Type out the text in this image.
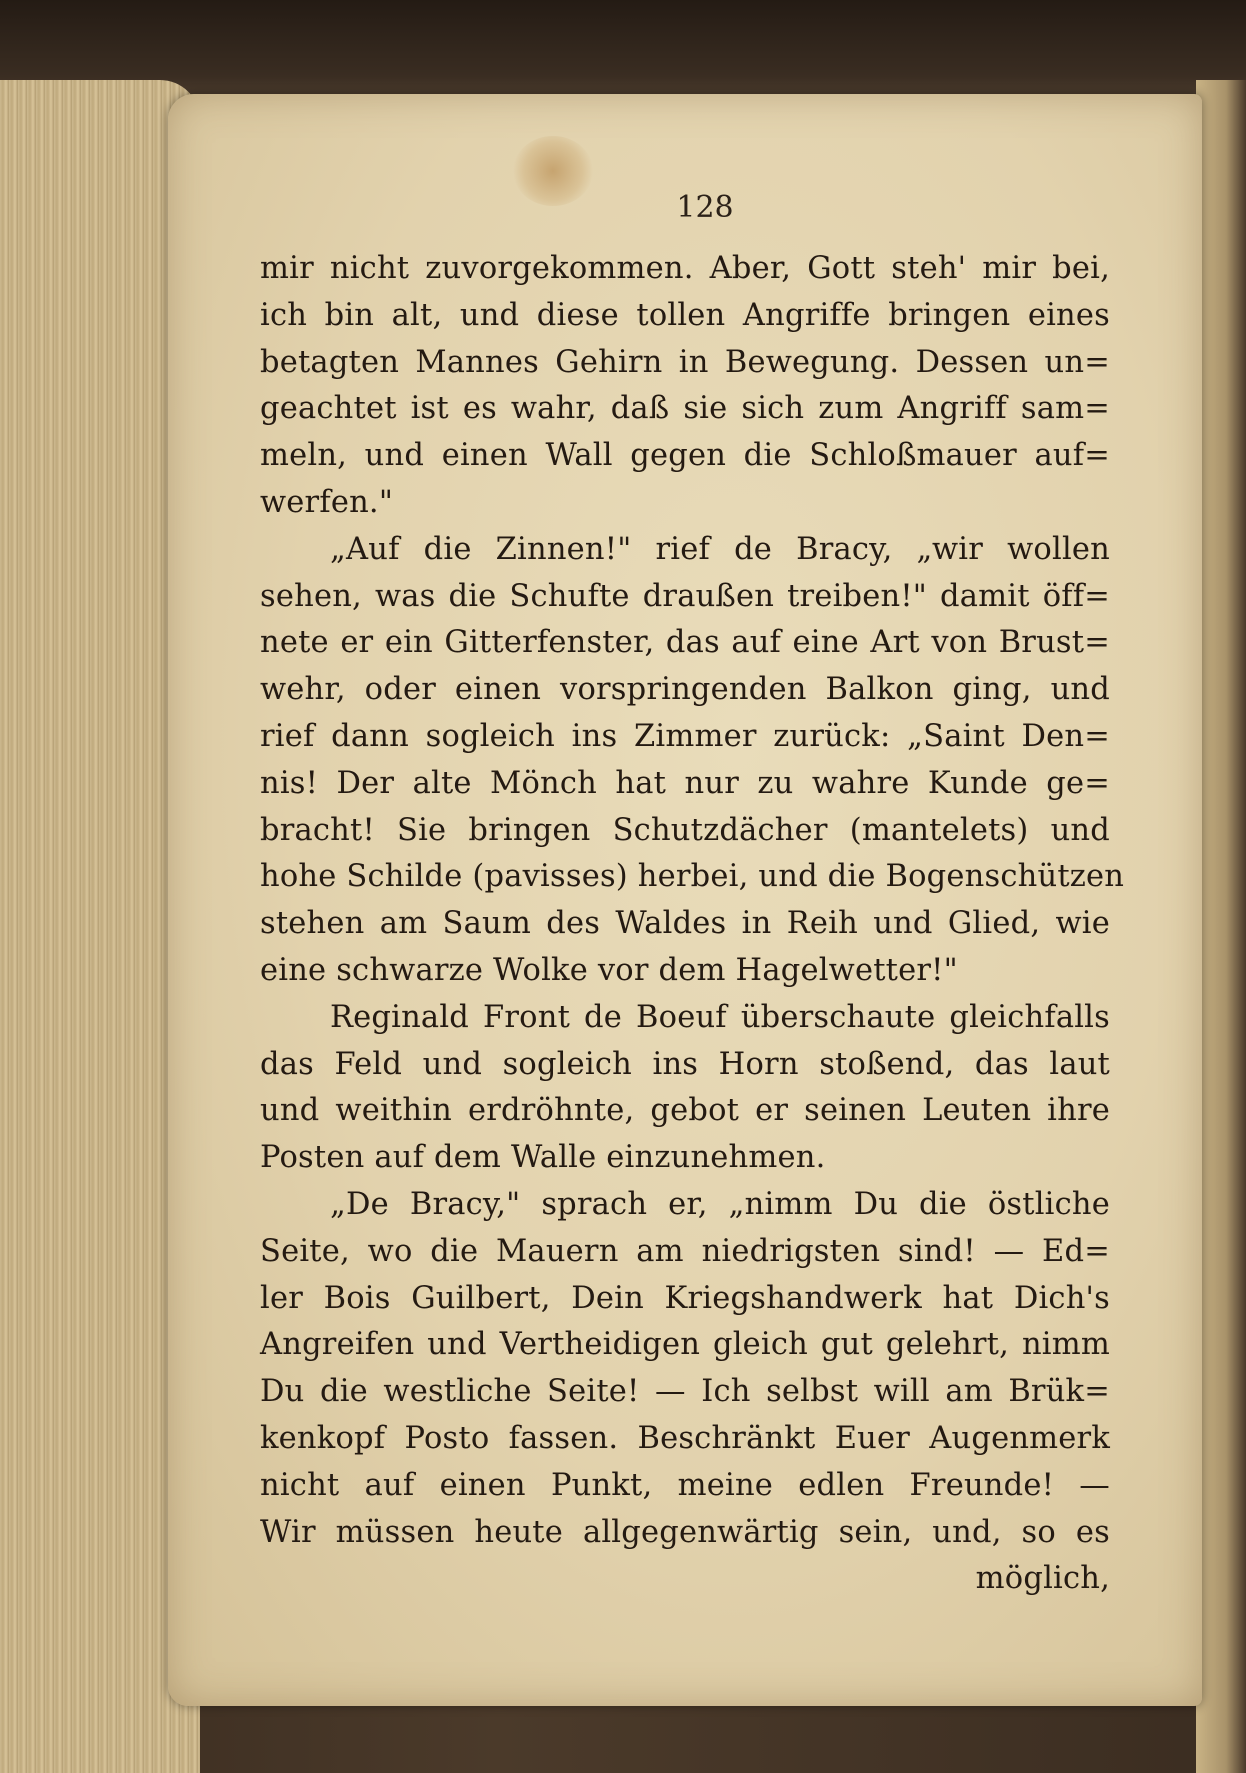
128
mir nicht zuvorgekommen. Aber, Gott steh' mir bei,
ich bin alt, und diese tollen Angriffe bringen eines
betagten Mannes Gehirn in Bewegung. Dessen un=
geachtet ist es wahr, daß sie sich zum Angriff sam=
meln, und einen Wall gegen die Schloßmauer auf=
werfen."
„Auf die Zinnen!" rief de Bracy, „wir wollen
sehen, was die Schufte draußen treiben!" damit öff=
nete er ein Gitterfenster, das auf eine Art von Brust=
wehr, oder einen vorspringenden Balkon ging, und
rief dann sogleich ins Zimmer zurück: „Saint Den=
nis! Der alte Mönch hat nur zu wahre Kunde ge=
bracht! Sie bringen Schutzdächer (mantelets) und
hohe Schilde (pavisses) herbei, und die Bogenschützen
stehen am Saum des Waldes in Reih und Glied, wie
eine schwarze Wolke vor dem Hagelwetter!"
Reginald Front de Boeuf überschaute gleichfalls
das Feld und sogleich ins Horn stoßend, das laut
und weithin erdröhnte, gebot er seinen Leuten ihre
Posten auf dem Walle einzunehmen.
„De Bracy," sprach er, „nimm Du die östliche
Seite, wo die Mauern am niedrigsten sind! — Ed=
ler Bois Guilbert, Dein Kriegshandwerk hat Dich's
Angreifen und Vertheidigen gleich gut gelehrt, nimm
Du die westliche Seite! — Ich selbst will am Brük=
kenkopf Posto fassen. Beschränkt Euer Augenmerk
nicht auf einen Punkt, meine edlen Freunde! —
Wir müssen heute allgegenwärtig sein, und, so es
möglich,
